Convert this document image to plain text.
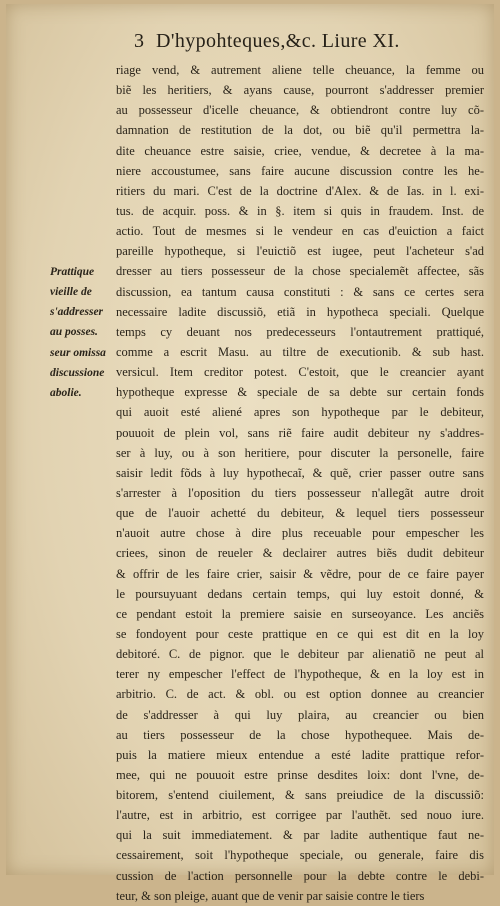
3 D'hypohteques,&c. Liure XI.
Prattique
vieille de
s'addresser
au posses.
seur omissa
discussione
abolie.
riage vend, & autrement aliene telle cheuance, la femme ou
biẽ les heritiers, & ayans cause, pourront s'addresser premier
au possesseur d'icelle cheuance, & obtiendront contre luy cõ-
damnation de restitution de la dot, ou biẽ qu'il permettra la-
dite cheuance estre saisie, criee, vendue, & decretee à la ma-
niere accoustumee, sans faire aucune discussion contre les he-
ritiers du mari. C'est de la doctrine d'Alex. & de Ias. in l. exi-
tus. de acquir. poss. & in §. item si quis in fraudem. Inst. de
actio. Tout de mesmes si le vendeur en cas d'euiction a faict
pareille hypotheque, si l'euictiõ est iugee, peut l'acheteur s'ad
dresser au tiers possesseur de la chose specialemẽt affectee, sãs
discussion, ea tantum causa constituti : & sans ce certes sera
necessaire ladite discussiõ, etiã in hypotheca speciali. Quelque
temps cy deuant nos predecesseurs l'ontautrement prattiqué,
comme a escrit Masu. au tiltre de executionib. & sub hast.
versicul. Item creditor potest. C'estoit, que le creancier ayant
hypotheque expresse & speciale de sa debte sur certain fonds
qui auoit esté aliené apres son hypotheque par le debiteur,
pouuoit de plein vol, sans riẽ faire audit debiteur ny s'addres-
ser à luy, ou à son heritiere, pour discuter la personelle, faire
saisir ledit fõds à luy hypothecaĩ, & quẽ, crier passer outre sans
s'arrester à l'oposition du tiers possesseur n'allegãt autre droit
que de l'auoir achetté du debiteur, & lequel tiers possesseur
n'auoit autre chose à dire plus receuable pour empescher les
criees, sinon de reueler & declairer autres biẽs dudit debiteur
& offrir de les faire crier, saisir & vẽdre, pour de ce faire payer
le poursuyuant dedans certain temps, qui luy estoit donné, &
ce pendant estoit la premiere saisie en surseoyance. Les anciẽs
se fondoyent pour ceste prattique en ce qui est dit en la loy
debitoré. C. de pignor. que le debiteur par alienatiõ ne peut al
terer ny empescher l'effect de l'hypotheque, & en la loy est in
arbitrio. C. de act. & obl. ou est option donnee au creancier
de s'addresser à qui luy plaira, au creancier ou bien
au tiers possesseur de la chose hypothequee. Mais de-
puis la matiere mieux entendue a esté ladite prattique refor-
mee, qui ne pouuoit estre prinse desdites loix: dont l'vne, de-
bitorem, s'entend ciuilement, & sans preiudice de la discussiõ:
l'autre, est in arbitrio, est corrigee par l'authẽt. sed nouo iure.
qui la suit immediatement. & par ladite authentique faut ne-
cessairement, soit l'hypotheque speciale, ou generale, faire dis
cussion de l'action personnelle pour la debte contre le debi-
teur, & son pleige, auant que de venir par saisie contre le tiers
